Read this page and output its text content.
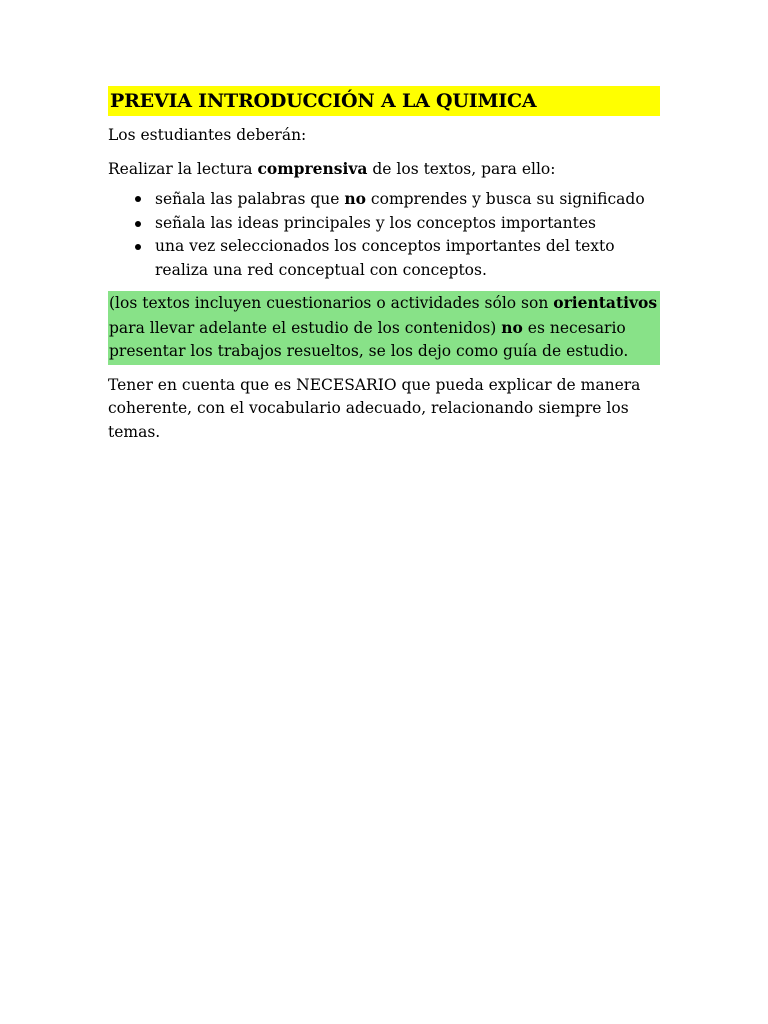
PREVIA INTRODUCCIÓN A LA QUIMICA

Los estudiantes deberán:

Realizar la lectura comprensiva de los textos, para ello:

señala las palabras que no comprendes y busca su significado
señala las ideas principales y los conceptos importantes
una vez seleccionados los conceptos importantes del texto realiza una red conceptual con conceptos.

(los textos incluyen cuestionarios o actividades sólo son orientativos para llevar adelante el estudio de los contenidos) no es necesario presentar los trabajos resueltos, se los dejo como guía de estudio.

Tener en cuenta que es NECESARIO que pueda explicar de manera coherente, con el vocabulario adecuado, relacionando siempre los temas.
